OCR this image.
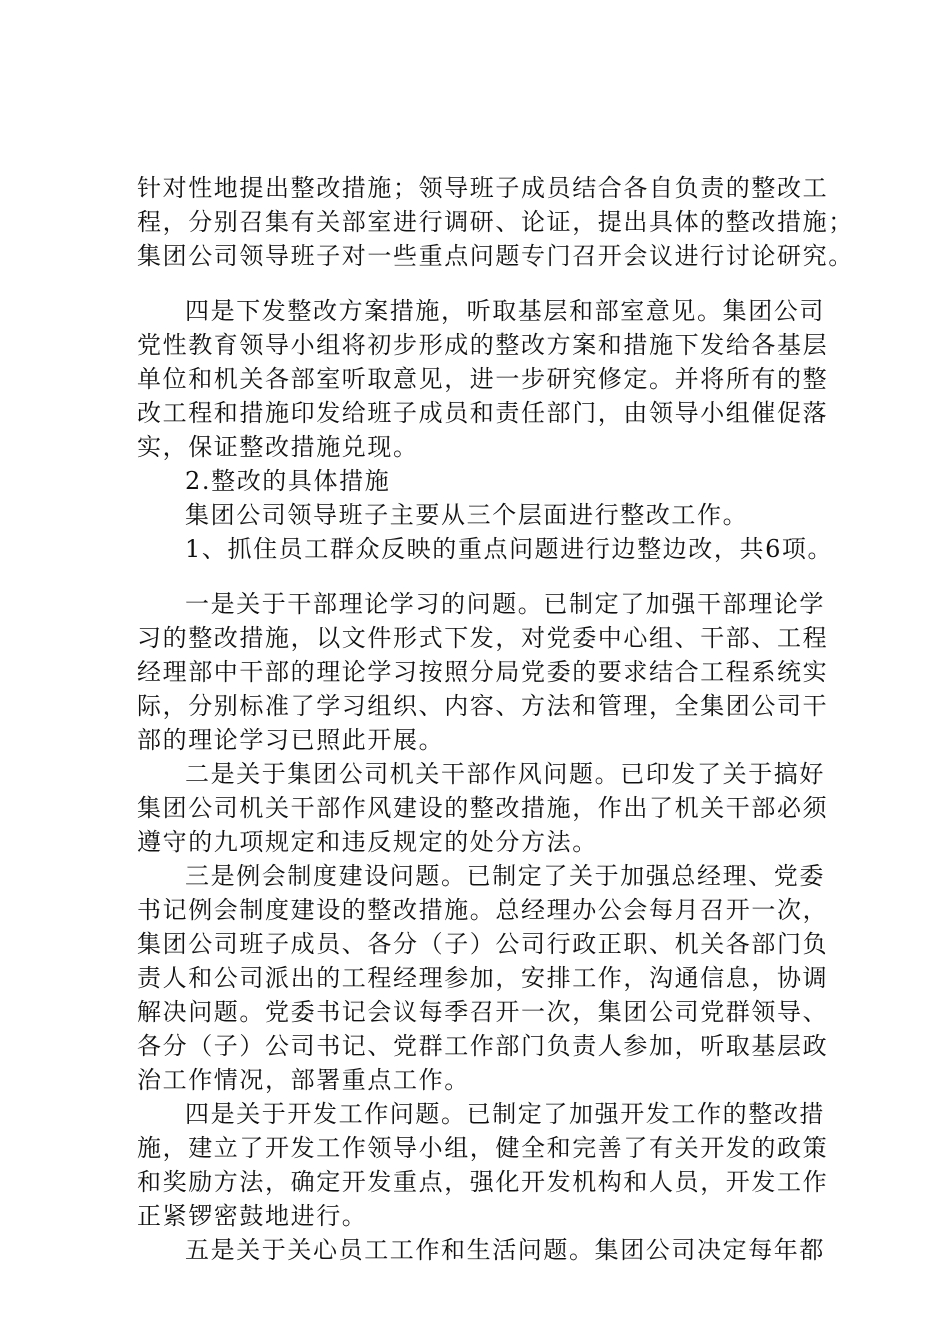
针对性地提出整改措施；领导班子成员结合各自负责的整改工
程，分别召集有关部室进行调研、论证，提出具体的整改措施；
集团公司领导班子对一些重点问题专门召开会议进行讨论研究。
四是下发整改方案措施，听取基层和部室意见。集团公司
党性教育领导小组将初步形成的整改方案和措施下发给各基层
单位和机关各部室听取意见，进一步研究修定。并将所有的整
改工程和措施印发给班子成员和责任部门，由领导小组催促落
实，保证整改措施兑现。
2.整改的具体措施
集团公司领导班子主要从三个层面进行整改工作。
1、抓住员工群众反映的重点问题进行边整边改，共6项。
一是关于干部理论学习的问题。已制定了加强干部理论学
习的整改措施，以文件形式下发，对党委中心组、干部、工程
经理部中干部的理论学习按照分局党委的要求结合工程系统实
际，分别标准了学习组织、内容、方法和管理，全集团公司干
部的理论学习已照此开展。
二是关于集团公司机关干部作风问题。已印发了关于搞好
集团公司机关干部作风建设的整改措施，作出了机关干部必须
遵守的九项规定和违反规定的处分方法。
三是例会制度建设问题。已制定了关于加强总经理、党委
书记例会制度建设的整改措施。总经理办公会每月召开一次，
集团公司班子成员、各分（子）公司行政正职、机关各部门负
责人和公司派出的工程经理参加，安排工作，沟通信息，协调
解决问题。党委书记会议每季召开一次，集团公司党群领导、
各分（子）公司书记、党群工作部门负责人参加，听取基层政
治工作情况，部署重点工作。
四是关于开发工作问题。已制定了加强开发工作的整改措
施，建立了开发工作领导小组，健全和完善了有关开发的政策
和奖励方法，确定开发重点，强化开发机构和人员，开发工作
正紧锣密鼓地进行。
五是关于关心员工工作和生活问题。集团公司决定每年都
